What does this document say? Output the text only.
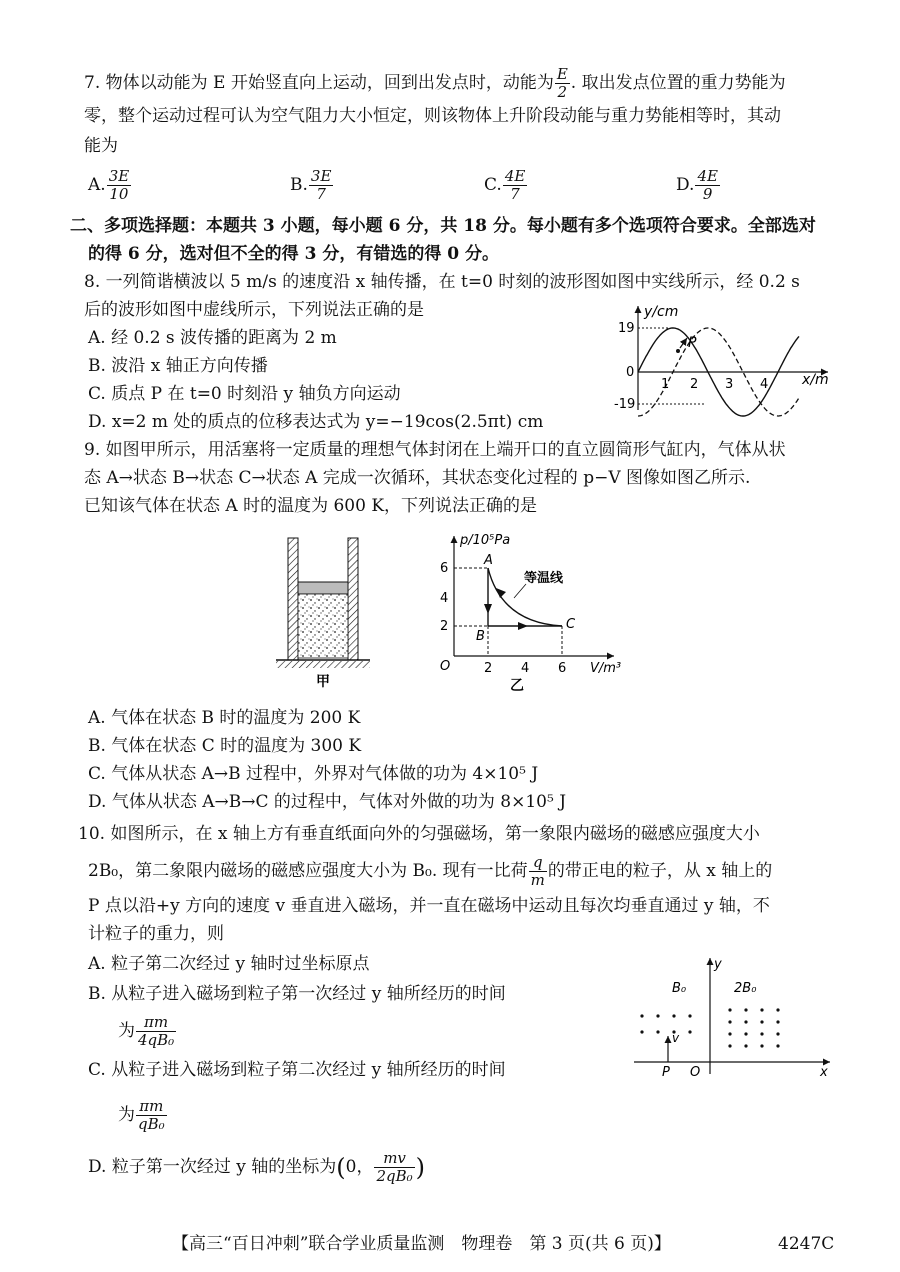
7. 物体以动能为 E 开始竖直向上运动，回到出发点时，动能为 $\frac{E}{2}$ . 取出发点位置的重力势能为
零，整个运动过程可认为空气阻力大小恒定，则该物体上升阶段动能与重力势能相等时，其动
能为
A. $\frac{3E}{10}$	B. $\frac{3E}{7}$	C. $\frac{4E}{7}$	D. $\frac{4E}{9}$
二、多项选择题：本题共 3 小题，每小题 6 分，共 18 分。每小题有多个选项符合要求。全部选对
的得 6 分，选对但不全的得 3 分，有错选的得 0 分。
8. 一列简谐横波以 5 m/s 的速度沿 x 轴传播，在 t=0 时刻的波形图如图中实线所示，经 0.2 s
后的波形如图中虚线所示，下列说法正确的是
A. 经 0.2 s 波传播的距离为 2 m
B. 波沿 x 轴正方向传播
C. 质点 P 在 t=0 时刻沿 y 轴负方向运动
D. x=2 m 处的质点的位移表达式为 y=−19cos(2.5πt) cm
P
y/cm
x/m
19
-19
0
1 2 3 4
9. 如图甲所示，用活塞将一定质量的理想气体封闭在上端开口的直立圆筒形气缸内，气体从状
态 A→状态 B→状态 C→状态 A 完成一次循环，其状态变化过程的 p−V 图像如图乙所示.
已知该气体在状态 A 时的温度为 600 K，下列说法正确的是
甲
p/10⁵Pa
V/m³
O
6
4
2
2 4 6
A
B
C
等温线
乙
A. 气体在状态 B 时的温度为 200 K
B. 气体在状态 C 时的温度为 300 K
C. 气体从状态 A→B 过程中，外界对气体做的功为 4×10⁵ J
D. 气体从状态 A→B→C 的过程中，气体对外做的功为 8×10⁵ J
10. 如图所示，在 x 轴上方有垂直纸面向外的匀强磁场，第一象限内磁场的磁感应强度大小
2B₀，第二象限内磁场的磁感应强度大小为 B₀. 现有一比荷 $\frac{q}{m}$ 的带正电的粒子，从 x 轴上的
P 点以沿+y 方向的速度 v 垂直进入磁场，并一直在磁场中运动且每次均垂直通过 y 轴，不
计粒子的重力，则
A. 粒子第二次经过 y 轴时过坐标原点
B. 从粒子进入磁场到粒子第一次经过 y 轴所经历的时间
为 $\frac{\pi m}{\text{4qB₀}}$
C. 从粒子进入磁场到粒子第二次经过 y 轴所经历的时间
为 $\frac{\pi m}{\text{qB₀}}$
D. 粒子第一次经过 y 轴的坐标为(0， $\frac{mv}{\text{2qB₀}}$ )
v
B₀	2B₀
y
x
O
P
【高三“百日冲刺”联合学业质量监测　物理卷　第 3 页(共 6 页)】	4247C
